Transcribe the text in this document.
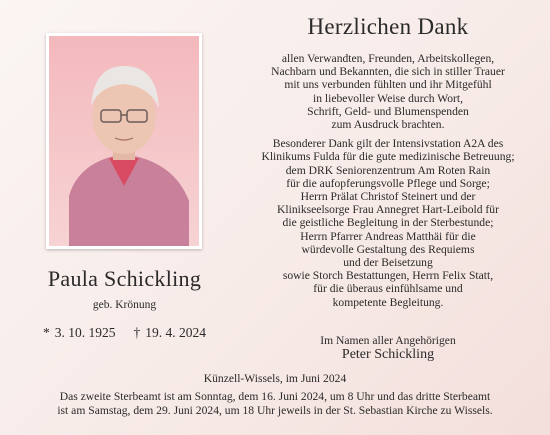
Paula Schickling
geb. Krönung
* 3. 10. 1925 † 19. 4. 2024
Herzlichen Dank

allen Verwandten, Freunden, Arbeitskollegen,

Nachbarn und Bekannten, die sich in stiller Trauer

mit uns verbunden fühlten und ihr Mitgefühl

in liebevoller Weise durch Wort,

Schrift, Geld- und Blumenspenden

zum Ausdruck brachten.

Besonderer Dank gilt der Intensivstation A2A des

Klinikums Fulda für die gute medizinische Betreuung;

dem DRK Seniorenzentrum Am Roten Rain

für die aufopferungsvolle Pflege und Sorge;

Herrn Prälat Christof Steinert und der

Klinikseelsorge Frau Annegret Hart-Leibold für

die geistliche Begleitung in der Sterbestunde;

Herrn Pfarrer Andreas Matthäi für die

würdevolle Gestaltung des Requiems

und der Beisetzung

sowie Storch Bestattungen, Herrn Felix Statt,

für die überaus einfühlsame und

kompetente Begleitung.

Im Namen aller Angehörigen
Peter Schickling
Künzell-Wissels, im Juni 2024
Das zweite Sterbeamt ist am Sonntag, dem 16. Juni 2024, um 8 Uhr und das dritte Sterbeamt
ist am Samstag, dem 29. Juni 2024, um 18 Uhr jeweils in der St. Sebastian Kirche zu Wissels.
